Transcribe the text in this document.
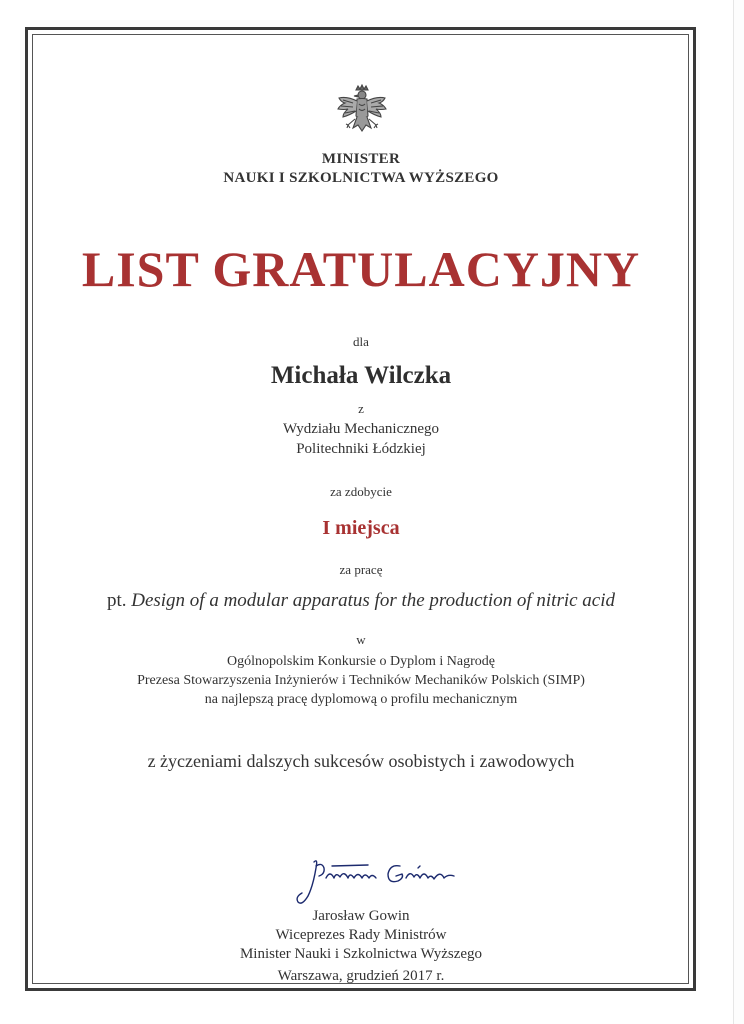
MINISTER
NAUKI I SZKOLNICTWA WYŻSZEGO
LIST GRATULACYJNY
dla
Michała Wilczka
z
Wydziału Mechanicznego
Politechniki Łódzkiej
za zdobycie
I miejsca
za pracę
pt. Design of a modular apparatus for the production of nitric acid
w
Ogólnopolskim Konkursie o Dyplom i Nagrodę
Prezesa Stowarzyszenia Inżynierów i Techników Mechaników Polskich (SIMP)
na najlepszą pracę dyplomową o profilu mechanicznym
z życzeniami dalszych sukcesów osobistych i zawodowych
Jarosław Gowin
Wiceprezes Rady Ministrów
Minister Nauki i Szkolnictwa Wyższego
Warszawa, grudzień 2017 r.
